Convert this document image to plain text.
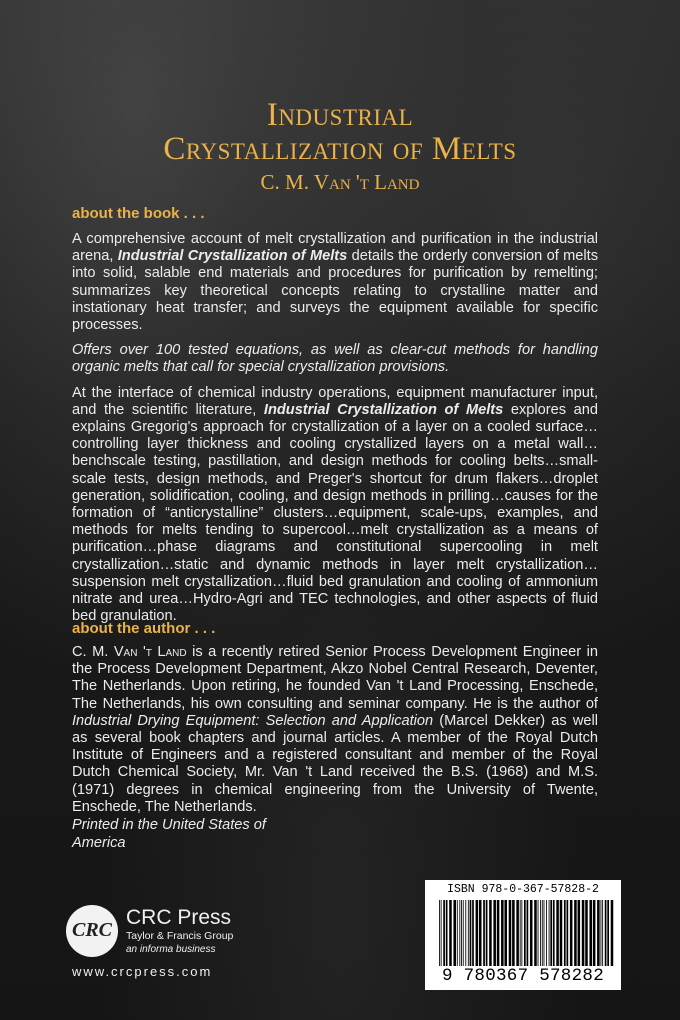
Industrial
Crystallization of Melts
C. M. Van 't Land
about the book . . .

A comprehensive account of melt crystallization and purification in the industrial arena, Industrial Crystallization of Melts details the orderly conversion of melts into solid, salable end materials and procedures for purification by remelting; summarizes key theoretical concepts relating to crystalline matter and instationary heat transfer; and surveys the equipment available for specific processes.

Offers over 100 tested equations, as well as clear-cut methods for handling organic melts that call for special crystallization provisions.

At the interface of chemical industry operations, equipment manufacturer input, and the scientific literature, Industrial Crystallization of Melts explores and explains Gregorig's approach for crystallization of a layer on a cooled surface…controlling layer thickness and cooling crystallized layers on a metal wall…benchscale testing, pastillation, and design methods for cooling belts…small-scale tests, design methods, and Preger's shortcut for drum flakers…droplet generation, solidification, cooling, and design methods in prilling…causes for the formation of “anticrystalline” clusters…equipment, scale-ups, examples, and methods for melts tending to supercool…melt crystallization as a means of purification…phase diagrams and constitutional supercooling in melt crystallization…static and dynamic methods in layer melt crystallization…suspension melt crystallization…fluid bed granulation and cooling of ammonium nitrate and urea…Hydro-Agri and TEC technologies, and other aspects of fluid bed granulation.

about the author . . .

C. M. Van 't Land is a recently retired Senior Process Development Engineer in the Process Development Department, Akzo Nobel Central Research, Deventer, The Netherlands. Upon retiring, he founded Van 't Land Processing, Enschede, The Netherlands, his own consulting and seminar company. He is the author of Industrial Drying Equipment: Selection and Application (Marcel Dekker) as well as several book chapters and journal articles. A member of the Royal Dutch Institute of Engineers and a registered consultant and member of the Royal Dutch Chemical Society, Mr. Van 't Land received the B.S. (1968) and M.S. (1971) degrees in chemical engineering from the University of Twente, Enschede, The Netherlands.

Printed in the United States of America
CRC
CRC Press
Taylor & Francis Group
an informa business
www.crcpress.com
ISBN 978-0-367-57828-2
9 780367 578282
